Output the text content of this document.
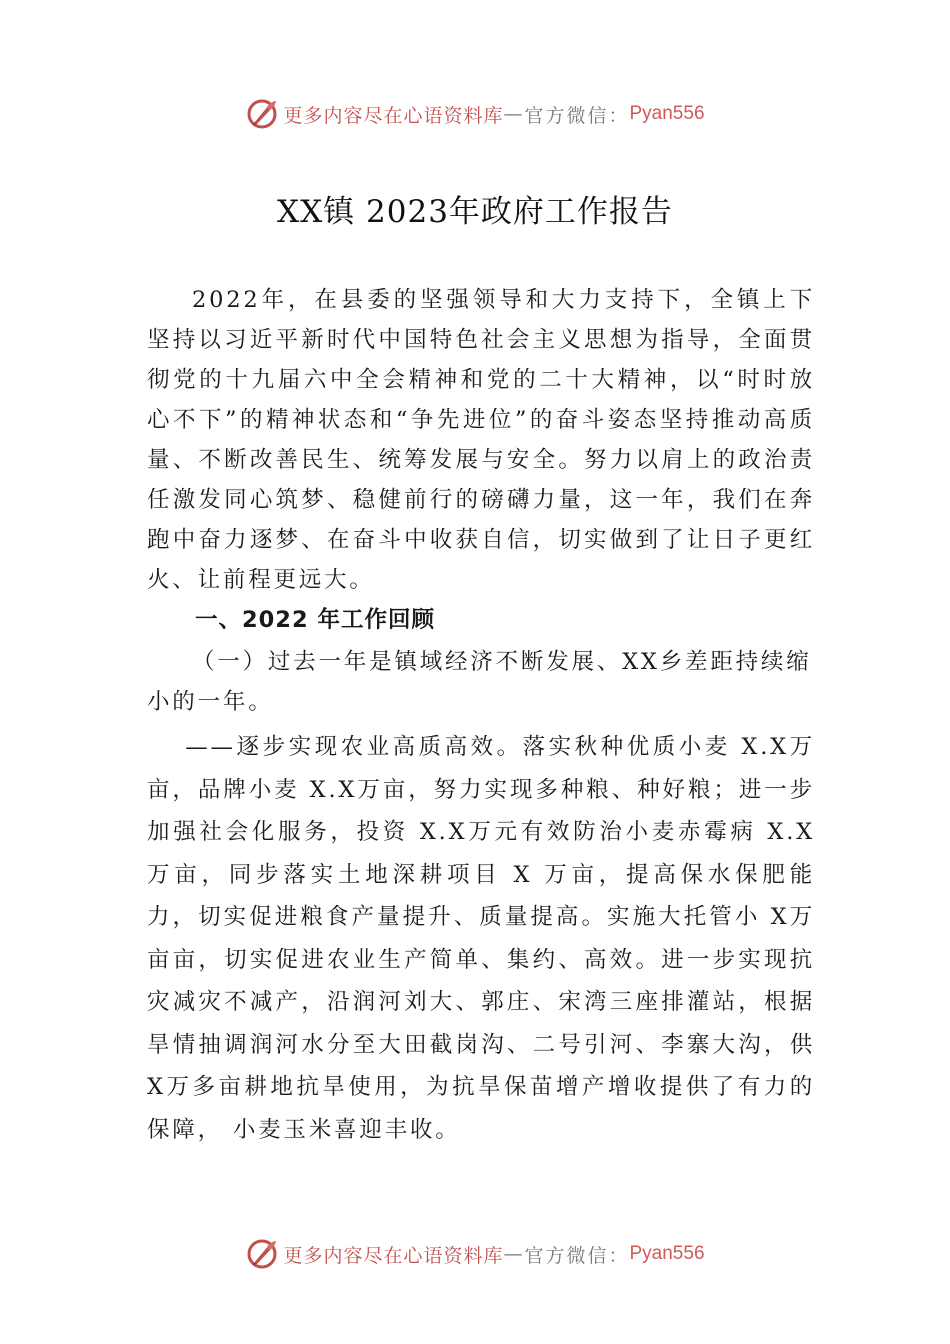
更多内容尽在心语资料库 — 官方微信： Pyan556
XX镇 2023年政府工作报告

2022年，在县委的坚强领导和大力支持下，全镇上下坚持以习近平新时代中国特色社会主义思想为指导，全面贯彻党的十九届六中全会精神和党的二十大精神，以“时时放心不下”的精神状态和“争先进位”的奋斗姿态坚持推动高质量、不断改善民生、统筹发展与安全。努力以肩上的政治责任激发同心筑梦、稳健前行的磅礴力量，这一年，我们在奔跑中奋力逐梦、在奋斗中收获自信，切实做到了让日子更红火、让前程更远大。

一、2022 年工作回顾

（一）过去一年是镇域经济不断发展、XX乡差距持续缩小的一年。

——逐步实现农业高质高效。落实秋种优质小麦 X.X万亩，品牌小麦 X.X万亩，努力实现多种粮、种好粮；进一步加强社会化服务，投资 X.X万元有效防治小麦赤霉病 X.X万亩，同步落实土地深耕项目 X 万亩，提高保水保肥能力，切实促进粮食产量提升、质量提高。实施大托管小 X万亩亩，切实促进农业生产简单、集约、高效。进一步实现抗灾减灾不减产，沿润河刘大、郭庄、宋湾三座排灌站，根据旱情抽调润河水分至大田截岗沟、二号引河、李寨大沟，供 X万多亩耕地抗旱使用，为抗旱保苗增产增收提供了有力的保障， 小麦玉米喜迎丰收。

更多内容尽在心语资料库 — 官方微信： Pyan556
